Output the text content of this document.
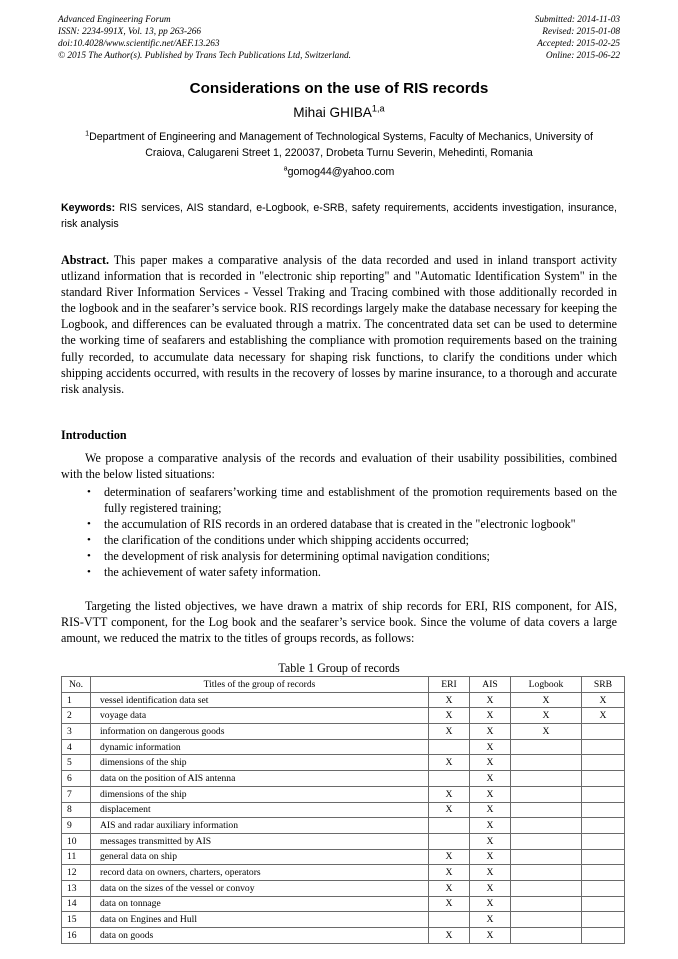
Advanced Engineering Forum
ISSN: 2234-991X, Vol. 13, pp 263-266
doi:10.4028/www.scientific.net/AEF.13.263
© 2015 The Author(s). Published by Trans Tech Publications Ltd, Switzerland.
Submitted: 2014-11-03
Revised: 2015-01-08
Accepted: 2015-02-25
Online: 2015-06-22
Considerations on the use of RIS records
Mihai GHIBA$^{1,a}$
$^1$Department of Engineering and Management of Technological Systems, Faculty of Mechanics, University of Craiova, Calugareni Street 1, 220037, Drobeta Turnu Severin, Mehedinti, Romania
$^a$gomog44@yahoo.com
Keywords: RIS services, AIS standard, e-Logbook, e-SRB, safety requirements, accidents investigation, insurance, risk analysis
Abstract. This paper makes a comparative analysis of the data recorded and used in inland transport activity utlizand information that is recorded in "electronic ship reporting" and "Automatic Identification System" in the standard River Information Services - Vessel Traking and Tracing combined with those additionally recorded in the logbook and in the seafarer’s service book. RIS recordings largely make the database necessary for keeping the Logbook, and differences can be evaluated through a matrix. The concentrated data set can be used to determine the working time of seafarers and establishing the compliance with promotion requirements based on the training fully recorded, to accumulate data necessary for shaping risk functions, to clarify the conditions under which shipping accidents occurred, with results in the recovery of losses by marine insurance, to a thorough and accurate risk analysis.
Introduction
We propose a comparative analysis of the records and evaluation of their usability possibilities, combined with the below listed situations:
• determination of seafarers’working time and establishment of the promotion requirements based on the fully registered training;
• the accumulation of RIS records in an ordered database that is created in the "electronic logbook"
• the clarification of the conditions under which shipping accidents occurred;
• the development of risk analysis for determining optimal navigation conditions;
• the achievement of water safety information.
Targeting the listed objectives, we have drawn a matrix of ship records for ERI, RIS component, for AIS, RIS-VTT component, for the Log book and the seafarer’s service book. Since the volume of data covers a large amount, we reduced the matrix to the titles of groups records, as follows:
Table 1 Group of records
No.	Titles of the group of records	ERI	AIS	Logbook	SRB
1	vessel identification data set	X	X	X	X
2	voyage data	X	X	X	X
3	information on dangerous goods	X	X	X	
4	dynamic information		X		
5	dimensions of the ship	X	X		
6	data on the position of AIS antenna		X		
7	dimensions of the ship	X	X		
8	displacement	X	X		
9	AIS and radar auxiliary information		X		
10	messages transmitted by AIS		X		
11	general data on ship	X	X		
12	record data on owners, charters, operators	X	X		
13	data on the sizes of the vessel or convoy	X	X		
14	data on tonnage	X	X		
15	data on Engines and Hull		X		
16	data on goods	X	X		
